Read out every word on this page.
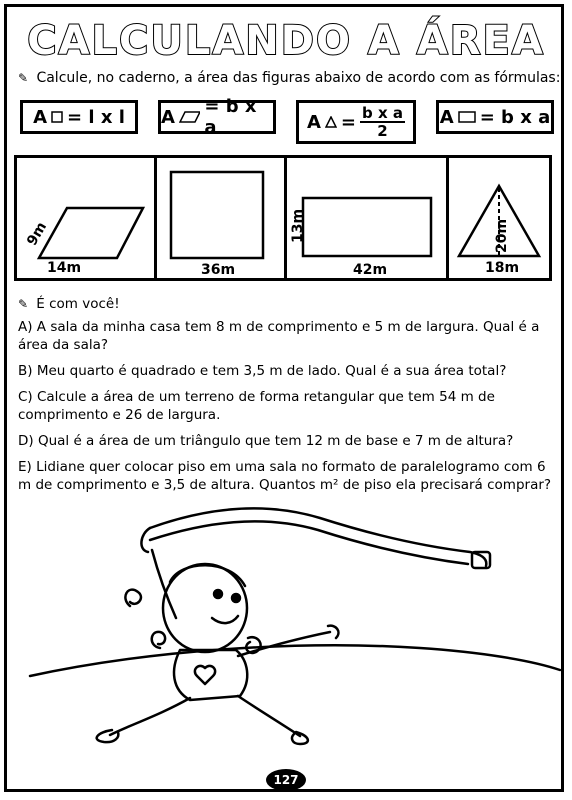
CALCULANDO A ÁREA
✎ Calcule, no caderno, a área das figuras abaixo de acordo com as fórmulas:
A = l x l A = b x a	$A = \frac{\text{b x a}}{2}$ A = b x a
9m
14m	36m
13m
42m
20m
18m
✎ É com você!
A) A sala da minha casa tem 8 m de comprimento e 5 m de largura. Qual é a área da sala?
B) Meu quarto é quadrado e tem 3,5 m de lado. Qual é a sua área total?
C) Calcule a área de um terreno de forma retangular que tem 54 m de comprimento e 26 de largura.
D) Qual é a área de um triângulo que tem 12 m de base e 7 m de altura?
E) Lidiane quer colocar piso em uma sala no formato de paralelogramo com 6 m de comprimento e 3,5 de altura. Quantos m² de piso ela precisará comprar?
127
